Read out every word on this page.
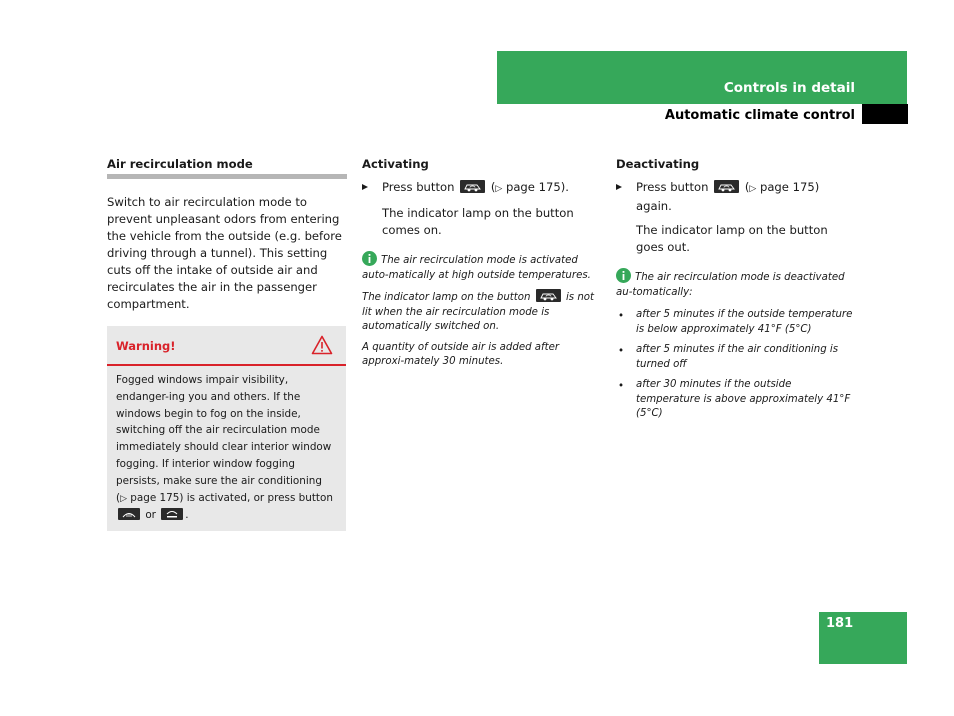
Controls in detail
Automatic climate control

Air recirculation mode

Switch to air recirculation mode to prevent unpleasant odors from entering the vehicle from the outside (e.g. before driving through a tunnel). This setting cuts off the intake of outside air and recirculates the air in the passenger compartment.

Warning!
Fogged windows impair visibility, endanger-ing you and others. If the windows begin to fog on the inside, switching off the air recirculation mode immediately should clear interior window fogging. If interior window fogging persists, make sure the air conditioning (▷ page 175) is activated, or press button
or	.

Activating

Press button	(▷ page 175).

The indicator lamp on the button comes on.

The air recirculation mode is activated auto-matically at high outside temperatures.
The indicator lamp on the button	is not lit when the air recirculation mode is automatically switched on.
A quantity of outside air is added after approxi-mately 30 minutes.

Deactivating

Press button	(▷ page 175) again.

The indicator lamp on the button goes out.

The air recirculation mode is deactivated au-tomatically:
• after 5 minutes if the outside temperature is below approximately 41°F (5°C)
• after 5 minutes if the air conditioning is turned off
• after 30 minutes if the outside temperature is above approximately 41°F (5°C)
181
